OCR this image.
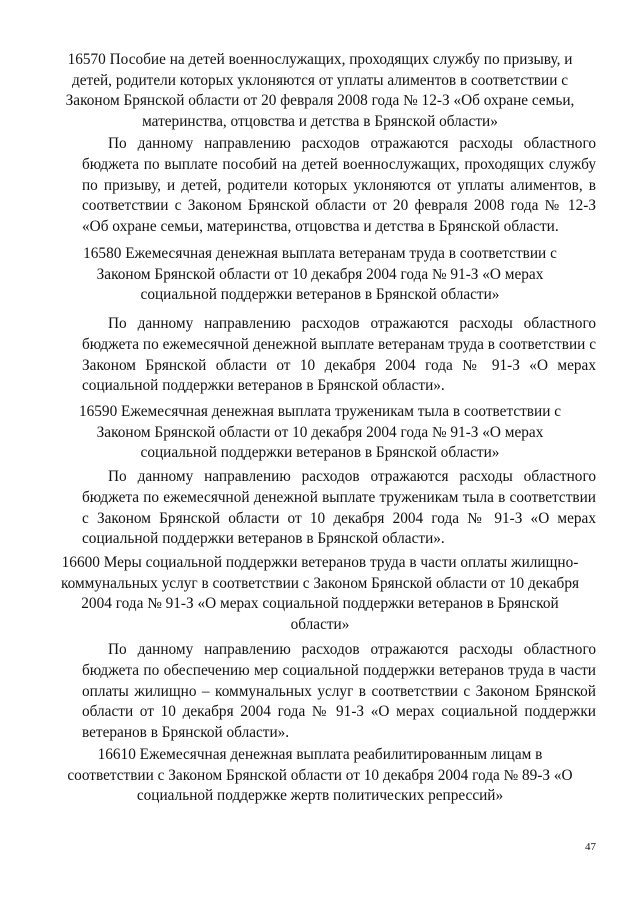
16570 Пособие на детей военнослужащих, проходящих службу по призыву, и детей, родители которых уклоняются от уплаты алиментов в соответствии с Законом Брянской области от 20 февраля 2008 года № 12-З «Об охране семьи, материнства, отцовства и детства в Брянской области»

По данному направлению расходов отражаются расходы областного бюджета по выплате пособий на детей военнослужащих, проходящих службу по призыву, и детей, родители которых уклоняются от уплаты алиментов, в соответствии с Законом Брянской области от 20 февраля 2008 года № 12-З «Об охране семьи, материнства, отцовства и детства в Брянской области.

16580 Ежемесячная денежная выплата ветеранам труда в соответствии с Законом Брянской области от 10 декабря 2004 года № 91-З «О мерах социальной поддержки ветеранов в Брянской области»

По данному направлению расходов отражаются расходы областного бюджета по ежемесячной денежной выплате ветеранам труда в соответствии с Законом Брянской области от 10 декабря 2004 года № 91-З «О мерах социальной поддержки ветеранов в Брянской области».

16590 Ежемесячная денежная выплата труженикам тыла в соответствии с Законом Брянской области от 10 декабря 2004 года № 91-З «О мерах социальной поддержки ветеранов в Брянской области»

По данному направлению расходов отражаются расходы областного бюджета по ежемесячной денежной выплате труженикам тыла в соответствии с Законом Брянской области от 10 декабря 2004 года № 91-З «О мерах социальной поддержки ветеранов в Брянской области».

16600 Меры социальной поддержки ветеранов труда в части оплаты жилищно-коммунальных услуг в соответствии с Законом Брянской области от 10 декабря 2004 года № 91-З «О мерах социальной поддержки ветеранов в Брянской области»

По данному направлению расходов отражаются расходы областного бюджета по обеспечению мер социальной поддержки ветеранов труда в части оплаты жилищно – коммунальных услуг в соответствии с Законом Брянской области от 10 декабря 2004 года № 91-З «О мерах социальной поддержки ветеранов в Брянской области».

16610 Ежемесячная денежная выплата реабилитированным лицам в соответствии с Законом Брянской области от 10 декабря 2004 года № 89-З «О социальной поддержке жертв политических репрессий»

47
